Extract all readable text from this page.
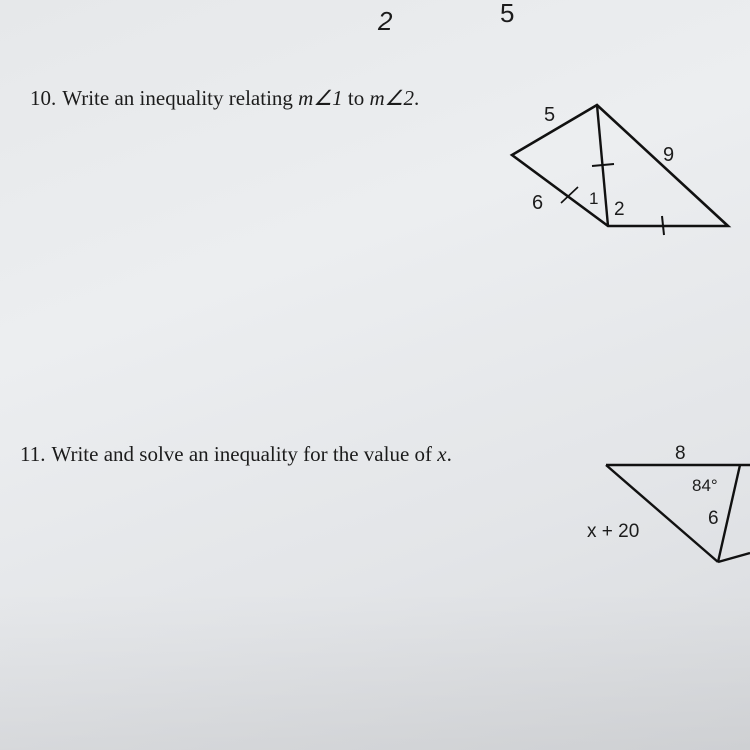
2	5
10. Write an inequality relating m∠1 to m∠2.
5
9
6	1
2
11. Write and solve an inequality for the value of x.	8
84°
6
x + 20
